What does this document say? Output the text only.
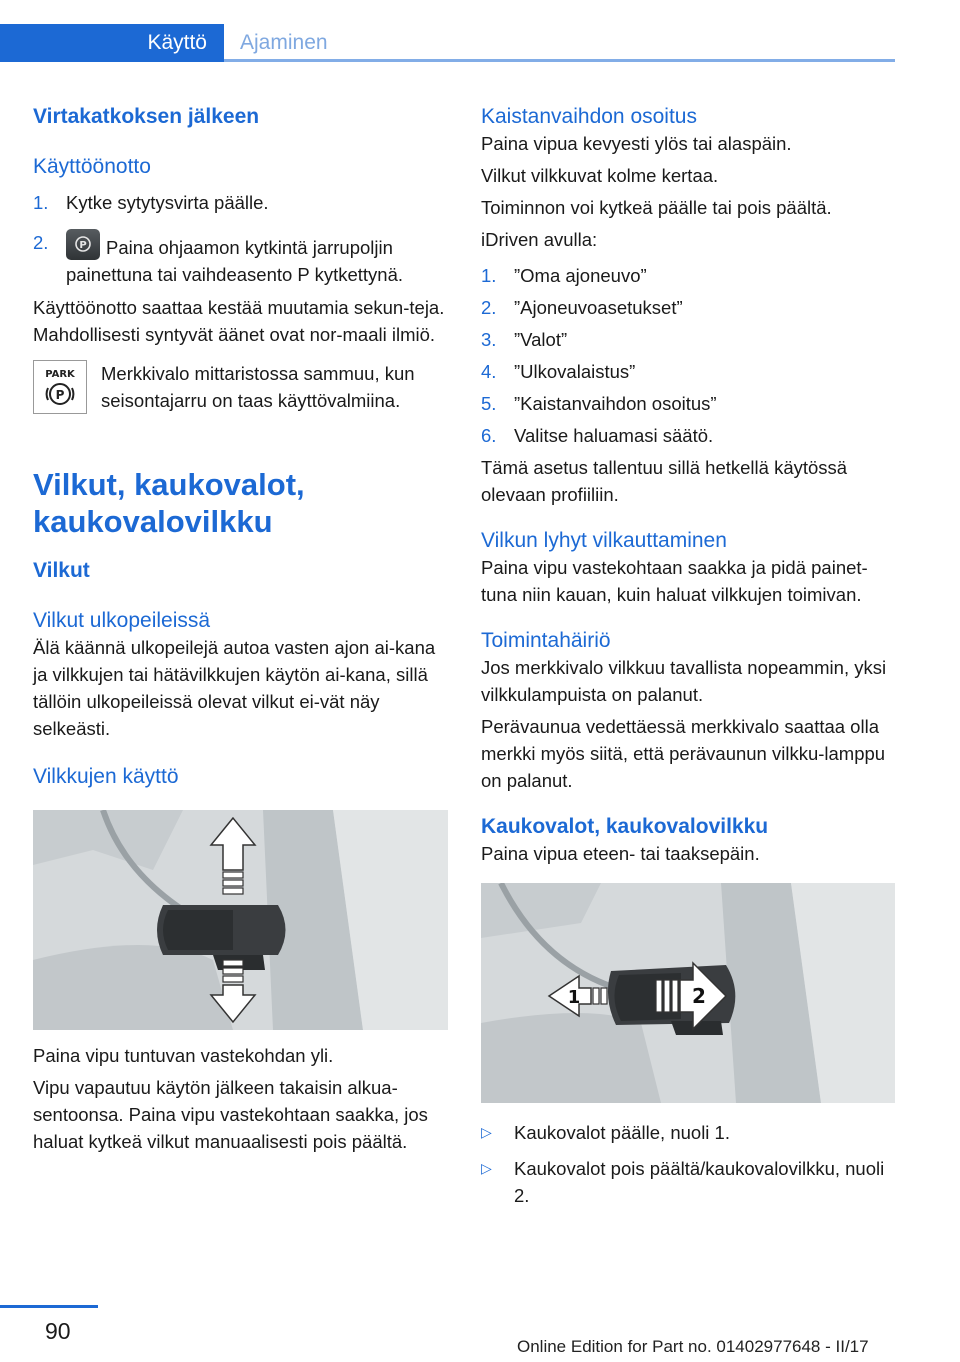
Käyttö	Ajaminen
Virtakatkoksen jälkeen
Käyttöönotto
1. Kytke sytytysvirta päälle.
2.	P Paina ohjaamon kytkintä jarrupoljin painettuna tai vaihdeasento P kytkettynä.

Käyttöönotto saattaa kestää muutamia sekun-teja. Mahdollisesti syntyvät äänet ovat nor-maali ilmiö.

PARK
P

Merkkivalo mittaristossa sammuu, kun seisontajarru on taas käyttövalmiina.

Vilkut, kaukovalot, kaukovalovilkku
Vilkut
Vilkut ulkopeileissä

Älä käännä ulkopeilejä autoa vasten ajon ai-kana ja vilkkujen tai hätävilkkujen käytön ai-kana, sillä tällöin ulkopeileissä olevat vilkut ei-vät näy selkeästi.

Vilkkujen käyttö

Paina vipu tuntuvan vastekohdan yli.

Vipu vapautuu käytön jälkeen takaisin alkua-sentoonsa. Paina vipu vastekohtaan saakka, jos haluat kytkeä vilkut manuaalisesti pois päältä.

Kaistanvaihdon osoitus

Paina vipua kevyesti ylös tai alaspäin.

Vilkut vilkkuvat kolme kertaa.

Toiminnon voi kytkeä päälle tai pois päältä.

iDriven avulla:

1. ”Oma ajoneuvo”
2. ”Ajoneuvoasetukset”
3. ”Valot”
4. ”Ulkovalaistus”
5. ”Kaistanvaihdon osoitus”
6. Valitse haluamasi säätö.

Tämä asetus tallentuu sillä hetkellä käytössä olevaan profiiliin.

Vilkun lyhyt vilkauttaminen

Paina vipu vastekohtaan saakka ja pidä painet-tuna niin kauan, kuin haluat vilkkujen toimivan.

Toimintahäiriö

Jos merkkivalo vilkkuu tavallista nopeammin, yksi vilkkulampuista on palanut.

Perävaunua vedettäessä merkkivalo saattaa olla merkki myös siitä, että perävaunun vilkku-lamppu on palanut.

Kaukovalot, kaukovalovilkku

Paina vipua eteen- tai taaksepäin.

1	2
▷	Kaukovalot päälle, nuoli 1.
▷	Kaukovalot pois päältä/kaukovalovilkku, nuoli 2.
90
Online Edition for Part no. 01402977648 - II/17
